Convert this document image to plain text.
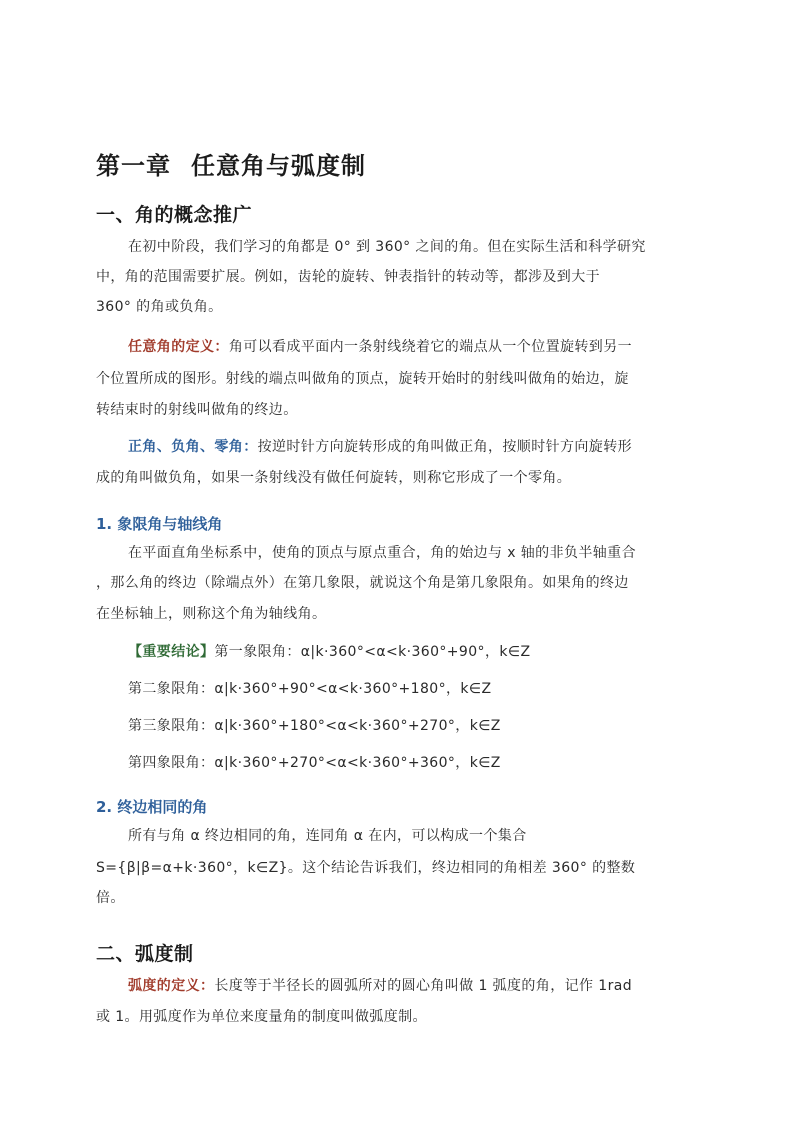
第一章 任意角与弧度制
一、角的概念推广
在初中阶段，我们学习的角都是 0° 到 360° 之间的角。但在实际生活和科学研究
中，角的范围需要扩展。例如，齿轮的旋转、钟表指针的转动等，都涉及到大于
360° 的角或负角。
任意角的定义：角可以看成平面内一条射线绕着它的端点从一个位置旋转到另一
个位置所成的图形。射线的端点叫做角的顶点，旋转开始时的射线叫做角的始边，旋
转结束时的射线叫做角的终边。
正角、负角、零角：按逆时针方向旋转形成的角叫做正角，按顺时针方向旋转形
成的角叫做负角，如果一条射线没有做任何旋转，则称它形成了一个零角。
1. 象限角与轴线角
在平面直角坐标系中，使角的顶点与原点重合，角的始边与 x 轴的非负半轴重合
，那么角的终边（除端点外）在第几象限，就说这个角是第几象限角。如果角的终边
在坐标轴上，则称这个角为轴线角。
【重要结论】第一象限角：α|k·360°<α<k·360°+90°，k∈Z
第二象限角：α|k·360°+90°<α<k·360°+180°，k∈Z
第三象限角：α|k·360°+180°<α<k·360°+270°，k∈Z
第四象限角：α|k·360°+270°<α<k·360°+360°，k∈Z
2. 终边相同的角
所有与角 α 终边相同的角，连同角 α 在内，可以构成一个集合
S={β|β=α+k·360°，k∈Z}。这个结论告诉我们，终边相同的角相差 360° 的整数
倍。
二、弧度制
弧度的定义：长度等于半径长的圆弧所对的圆心角叫做 1 弧度的角，记作 1rad
或 1。用弧度作为单位来度量角的制度叫做弧度制。
